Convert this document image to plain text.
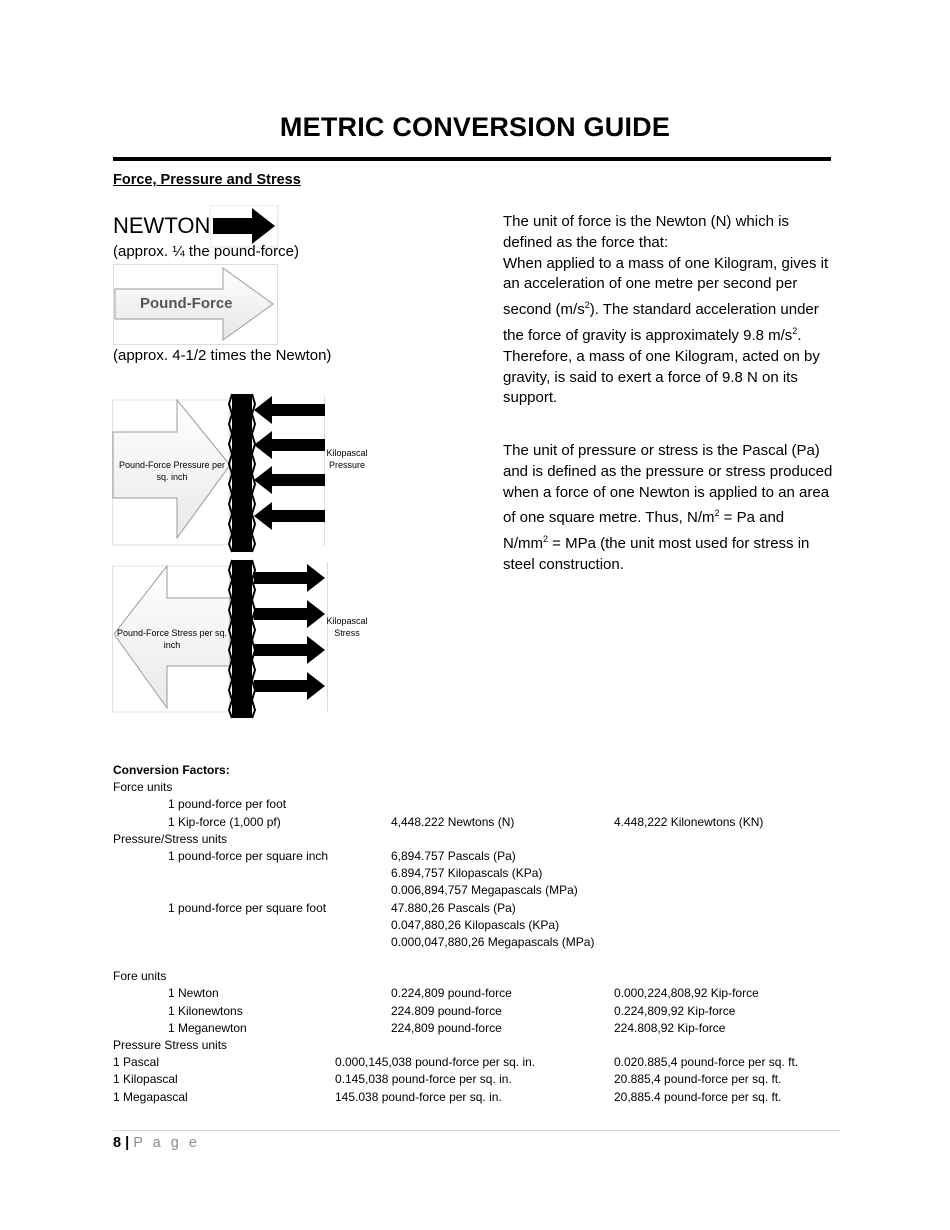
METRIC CONVERSION GUIDE
Force, Pressure and Stress
NEWTON
(approx. ¼ the pound-force)
Pound-Force
(approx. 4-1/2 times the Newton)
Pound-Force Pressure per sq. inch
Kilopascal Pressure
Pound-Force Stress per sq. inch
Kilopascal Stress

The unit of force is the Newton (N) which is defined as the force that:

When applied to a mass of one Kilogram, gives it an acceleration of one metre per second per second $(m/s^2)$. The standard acceleration under the force of gravity is approximately 9.8 $m/s^2$.

Therefore, a mass of one Kilogram, acted on by gravity, is said to exert a force of 9.8 N on its support.

The unit of pressure or stress is the Pascal (Pa) and is defined as the pressure or stress produced when a force of one Newton is applied to an area of one square metre. Thus, $N/m^2 = Pa$ and $N/mm^2$ = MPa (the unit most used for stress in steel construction.

Conversion Factors:
Force units
1 pound-force per foot
1 Kip-force (1,000 pf)	4,448.222 Newtons (N)	4.448,222 Kilonewtons (KN)
Pressure/Stress units
1 pound-force per square inch	6,894.757 Pascals (Pa)
6.894,757 Kilopascals (KPa)
0.006,894,757 Megapascals (MPa)
1 pound-force per square foot	47.880,26 Pascals (Pa)
0.047,880,26 Kilopascals (KPa)
0.000,047,880,26 Megapascals (MPa)
Fore units
1 Newton	0.224,809 pound-force	0.000,224,808,92 Kip-force
1 Kilonewtons	224.809 pound-force	0.224,809,92 Kip-force
1 Meganewton	224,809 pound-force	224.808,92 Kip-force
Pressure Stress units
1 Pascal	0.000,145,038 pound-force per sq. in.	0.020.885,4 pound-force per sq. ft.
1 Kilopascal	0.145,038 pound-force per sq. in.	20.885,4 pound-force per sq. ft.
1 Megapascal	145.038 pound-force per sq. in.	20,885.4 pound-force per sq. ft.
8 | P a g e
